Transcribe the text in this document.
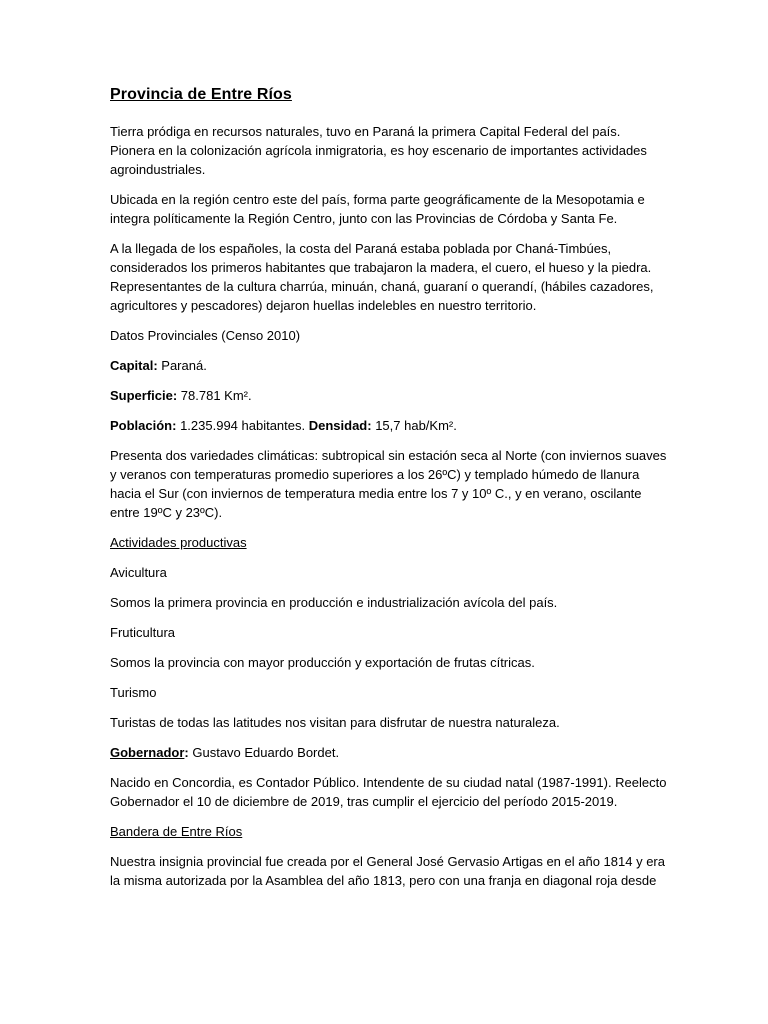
Provincia de Entre Ríos

Tierra pródiga en recursos naturales, tuvo en Paraná la primera Capital Federal del país. Pionera en la colonización agrícola inmigratoria, es hoy escenario de importantes actividades agroindustriales.

Ubicada en la región centro este del país, forma parte geográficamente de la Mesopotamia e integra políticamente la Región Centro, junto con las Provincias de Córdoba y Santa Fe.

A la llegada de los españoles, la costa del Paraná estaba poblada por Chaná-Timbúes, considerados los primeros habitantes que trabajaron la madera, el cuero, el hueso y la piedra. Representantes de la cultura charrúa, minuán, chaná, guaraní o querandí, (hábiles cazadores, agricultores y pescadores) dejaron huellas indelebles en nuestro territorio.

Datos Provinciales (Censo 2010)

Capital: Paraná.

Superficie: 78.781 Km².

Población: 1.235.994 habitantes. Densidad: 15,7 hab/Km².

Presenta dos variedades climáticas: subtropical sin estación seca al Norte (con inviernos suaves y veranos con temperaturas promedio superiores a los 26ºC) y templado húmedo de llanura hacia el Sur (con inviernos de temperatura media entre los 7 y 10º C., y en verano, oscilante entre 19ºC y 23ºC).

Actividades productivas

Avicultura

Somos la primera provincia en producción e industrialización avícola del país.

Fruticultura

Somos la provincia con mayor producción y exportación de frutas cítricas.

Turismo

Turistas de todas las latitudes nos visitan para disfrutar de nuestra naturaleza.

Gobernador: Gustavo Eduardo Bordet.

Nacido en Concordia, es Contador Público. Intendente de su ciudad natal (1987-1991). Reelecto Gobernador el 10 de diciembre de 2019, tras cumplir el ejercicio del período 2015-2019.

Bandera de Entre Ríos

Nuestra insignia provincial fue creada por el General José Gervasio Artigas en el año 1814 y era la misma autorizada por la Asamblea del año 1813, pero con una franja en diagonal roja desde
